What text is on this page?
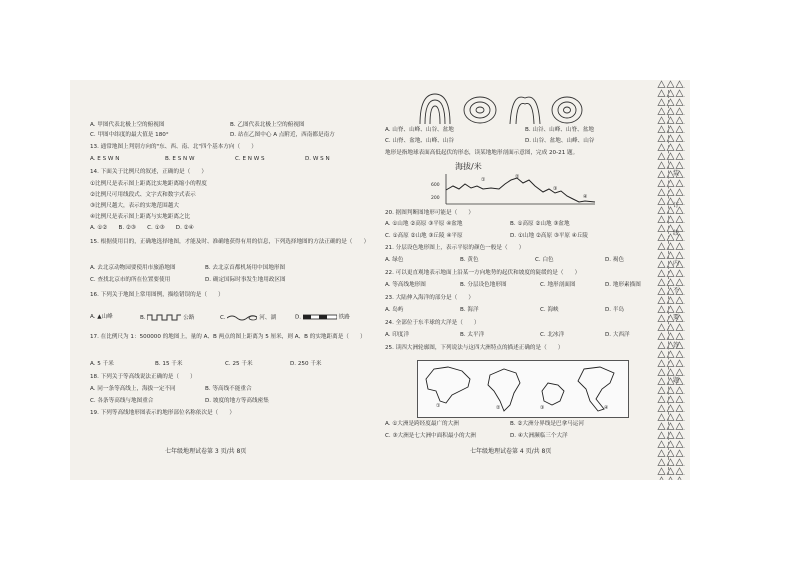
A. 甲图代表北极上空的俯视图	B. 乙图代表北极上空的俯视图
C. 甲图中纬度的最大值是 180°	D. 站在乙图中心 A 点附近，西南都是南方
13. 通常地图上判别方向的"东、西、南、北"四个基本方向（　　）
A. E S W N	B. E S N W	C. E N W S	D. W S N
14. 下面关于比例尺的叙述，正确的是（　　）
①比例尺是表示图上距离比实地距离缩小的程度
②比例尺可用线段式、文字式和数字式表示
③比例尺越大，表示的实地范围越大
④比例尺是表示图上距离与实地距离之比
A. ①②　　B. ②③　　C. ①③　　D. ②④
15. 根据使用目的，正确地选择地图，才能及时、准确地获得有用的信息，下列选择地图的方法正确的是（　　）
A. 去北京动物园要使用市旅游地图	B. 去北京首都机场用中国地形图
C. 查找北京市的所在位置要使用	D. 确定国际时事发生地用政区图
16. 下列关于地图上常用图例，描绘错误的是（　　）
A. ▲山峰	B.	公路	C.	河、湖	D.	铁路
17. 在比例尺为 1：500000 的地图上，量的 A、B 两点的图上距离为 5 厘米，则 A、B 的实地距离是（　　）
A. 5 千米	B. 15 千米	C. 25 千米	D. 250 千米
18. 下列关于等高线说法正确的是（　　）
A. 同一条等高线上，海拔一定不同	B. 等高线不能重合
C. 各条等高线与地图重合	D. 坡度的地方等高线密集
19. 下列等高线地形图表示的地形部位名称依次是（　　）
七年级地理试卷第 3 页/共 8页
A. 山脊、山峰、山谷、盆地	B. 山谷、山峰、山脊、盆地
C. 山脊、盆地、山峰、山谷	D. 山谷、盆地、山峰、山谷
地形是指地球表面高低起伏的形态，读某地地形剖面示意图，完成 20-21 题。
海拔/米
600
200
①	②
③
④
20. 据图判断图地形可能是（　　）
A. ①山地 ②高原 ③平原 ④盆地	B. ①高原 ②山地 ③盆地
C. ①高原 ②山地 ③丘陵 ④平原	D. ①山地 ②高原 ③平原 ④丘陵
21. 分层设色地形图上，表示平原的颜色一般是（　　）
A. 绿色	B. 黄色	C. 白色	D. 褐色
22. 可以更直观地表示地面上沿某一方向地势的起伏和坡度的陡缓的是（　　）
A. 等高线地形图	B. 分层设色地形图	C. 地形剖面图	D. 地形素描图
23. 大陆伸入海洋的部分是（　　）
A. 岛屿	B. 海洋	C. 海峡	D. 半岛
24. 全部位于东半球的大洋是（　　）
A. 印度洋	B. 太平洋	C. 北冰洋	D. 大西洋
25. 读四大洲轮廓图，下列说法与这四大洲特点的描述正确的是（　　）
①	②	③	④
A. ①大洲是跨经度最广的大洲	B. ②大洲分界线是巴拿马运河
C. ③大洲是七大洲中面积最小的大洲	D. ④大洲濒临三个大洋
七年级地理试卷第 4 页/共 8页
装
订
线
内
不
要
答
题
